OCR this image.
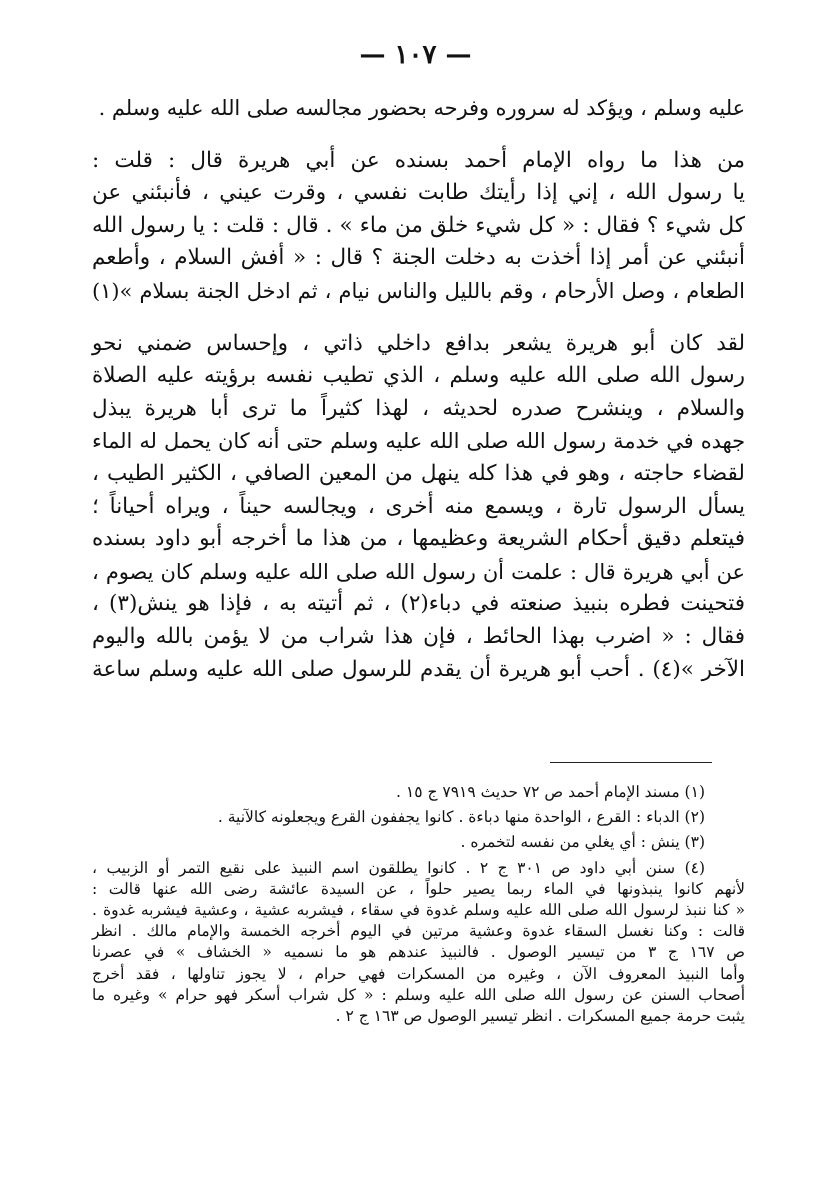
— ١٠٧ —

عليه وسلم ، ويؤكد له سروره وفرحه بحضور مجالسه صلى الله عليه وسلم .

من هذا ما رواه الإمام أحمد بسنده عن أبي هريرة قال : قلت :
يا رسول الله ، إني إذا رأيتك طابت نفسي ، وقرت عيني ، فأنبئني عن
كل شيء ؟ فقال : « كل شيء خلق من ماء » . قال : قلت : يا رسول الله
أنبئني عن أمر إذا أخذت به دخلت الجنة ؟ قال : « أفش السلام ، وأطعم
الطعام ، وصل الأرحام ، وقم بالليل والناس نيام ، ثم ادخل الجنة بسلام »(١)

لقد كان أبو هريرة يشعر بدافع داخلي ذاتي ، وإحساس ضمني نحو
رسول الله صلى الله عليه وسلم ، الذي تطيب نفسه برؤيته عليه الصلاة
والسلام ، وينشرح صدره لحديثه ، لهذا كثيراً ما ترى أبا هريرة يبذل
جهده في خدمة رسول الله صلى الله عليه وسلم حتى أنه كان يحمل له الماء
لقضاء حاجته ، وهو في هذا كله ينهل من المعين الصافي ، الكثير الطيب ،
يسأل الرسول تارة ، ويسمع منه أخرى ، ويجالسه حيناً ، ويراه أحياناً ؛
فيتعلم دقيق أحكام الشريعة وعظيمها ، من هذا ما أخرجه أبو داود بسنده
عن أبي هريرة قال : علمت أن رسول الله صلى الله عليه وسلم كان يصوم ،
فتحينت فطره بنبيذ صنعته في دباء(٢) ، ثم أتيته به ، فإذا هو ينش(٣) ،
فقال : « اضرب بهذا الحائط ، فإن هذا شراب من لا يؤمن بالله واليوم
الآخر »(٤) . أحب أبو هريرة أن يقدم للرسول صلى الله عليه وسلم ساعة

(١) مسند الإمام أحمد ص ٧٢ حديث ٧٩١٩ ج ١٥ .
(٢) الدباء : القرع ، الواحدة منها دباءة . كانوا يجففون القرع ويجعلونه كالآنية .
(٣) ينش : أي يغلي من نفسه لتخمره .
(٤) سنن أبي داود ص ٣٠١ ج ٢ . كانوا يطلقون اسم النبيذ على نقيع التمر أو الزبيب ،
لأنهم كانوا ينبذونها في الماء ربما يصير حلواً ، عن السيدة عائشة رضى الله عنها قالت :
« كنا ننبذ لرسول الله صلى الله عليه وسلم غدوة في سقاء ، فيشربه عشية ، وعشية فيشربه غدوة .
قالت : وكنا نغسل السقاء غدوة وعشية مرتين في اليوم أخرجه الخمسة والإمام مالك . انظر
ص ١٦٧ ج ٣ من تيسير الوصول . فالنبيذ عندهم هو ما نسميه « الخشاف » في عصرنا
وأما النبيذ المعروف الآن ، وغيره من المسكرات فهي حرام ، لا يجوز تناولها ، فقد أخرج
أصحاب السنن عن رسول الله صلى الله عليه وسلم : « كل شراب أسكر فهو حرام » وغيره ما
يثبت حرمة جميع المسكرات . انظر تيسير الوصول ص ١٦٣ ج ٢ .
